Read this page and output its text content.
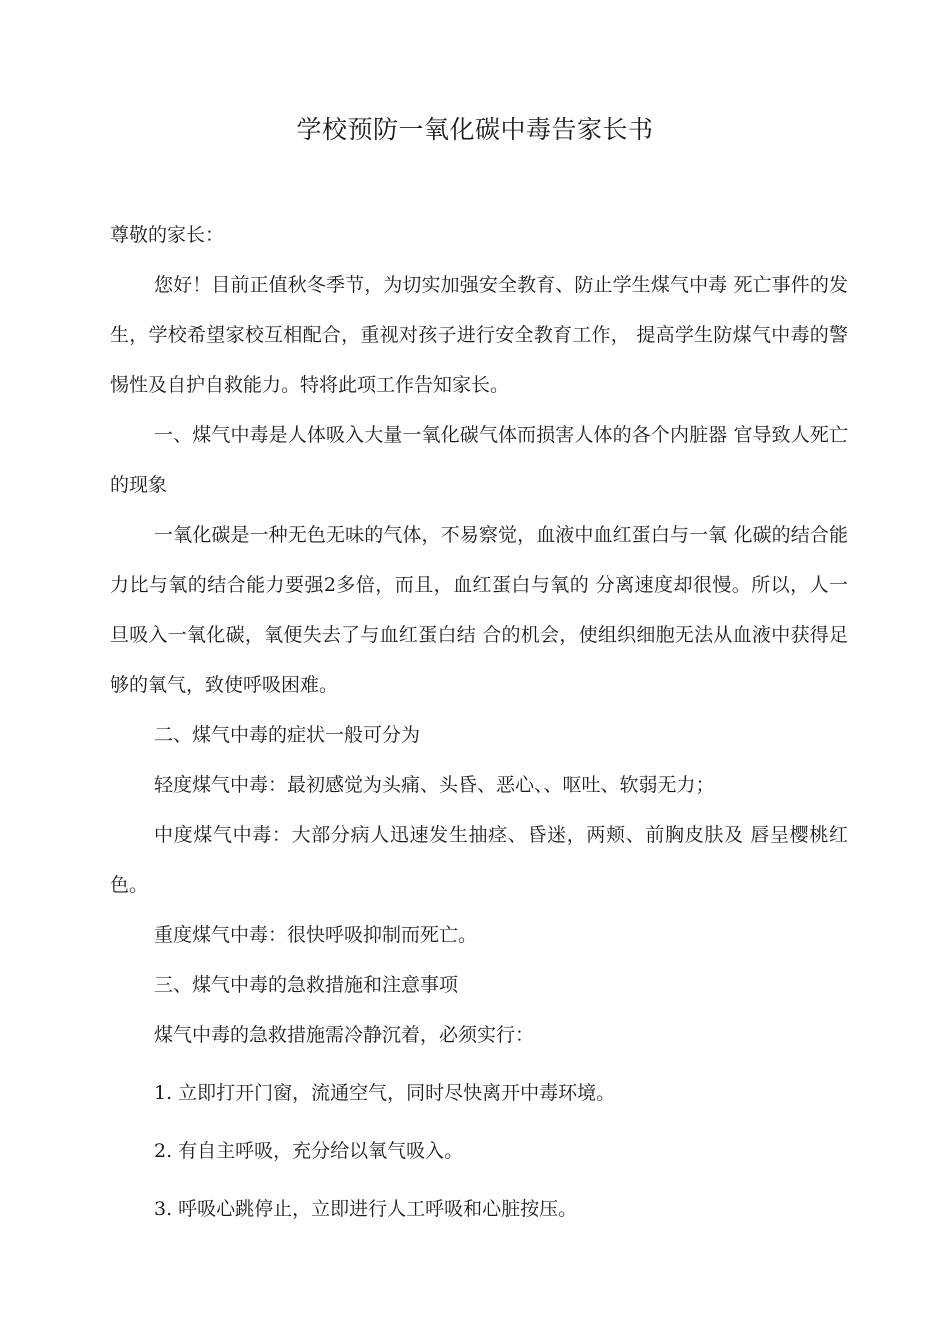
学校预防一氧化碳中毒告家长书

尊敬的家长：

您好！目前正值秋冬季节，为切实加强安全教育、防止学生煤气中毒 死亡事件的发生，学校希望家校互相配合，重视对孩子进行安全教育工作， 提高学生防煤气中毒的警惕性及自护自救能力。特将此项工作告知家长。

一、煤气中毒是人体吸入大量一氧化碳气体而损害人体的各个内脏器 官导致人死亡的现象

一氧化碳是一种无色无味的气体，不易察觉，血液中血红蛋白与一氧 化碳的结合能力比与氧的结合能力要强2多倍，而且，血红蛋白与氧的 分离速度却很慢。所以，人一旦吸入一氧化碳，氧便失去了与血红蛋白结 合的机会，使组织细胞无法从血液中获得足够的氧气，致使呼吸困难。

二、煤气中毒的症状一般可分为

轻度煤气中毒：最初感觉为头痛、头昏、恶心、、呕吐、软弱无力；

中度煤气中毒：大部分病人迅速发生抽痉、昏迷，两颊、前胸皮肤及 唇呈樱桃红色。

重度煤气中毒：很快呼吸抑制而死亡。

三、煤气中毒的急救措施和注意事项

煤气中毒的急救措施需冷静沉着，必须实行：

1. 立即打开门窗，流通空气，同时尽快离开中毒环境。

2. 有自主呼吸，充分给以氧气吸入。

3. 呼吸心跳停止，立即进行人工呼吸和心脏按压。
